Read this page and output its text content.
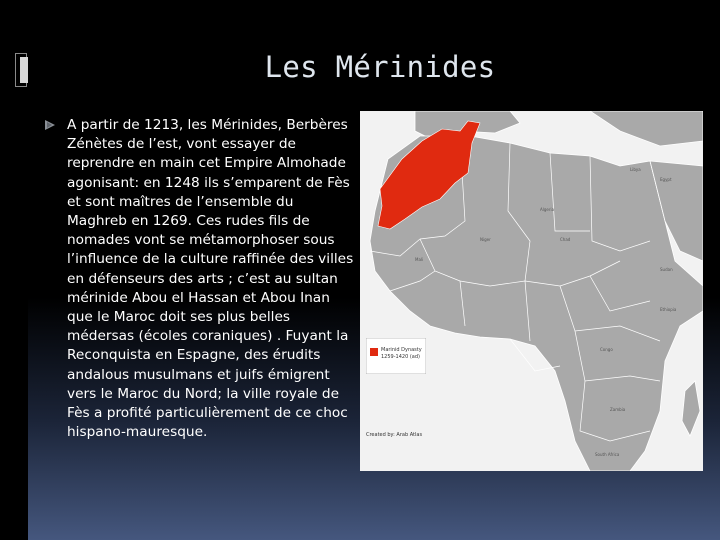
Les Mérinides
A partir de 1213, les Mérinides, Berbères Zénètes de l’est, vont essayer de reprendre en main cet Empire Almohade agonisant: en 1248 ils s’emparent de Fès et sont maîtres de l’ensemble du Maghreb en 1269. Ces rudes fils de nomades vont se métamorphoser sous l’influence de la culture raffinée des villes en défenseurs des arts ; c’est au sultan mérinide Abou el Hassan et Abou Inan que le Maroc doit ses plus belles médersas (écoles coraniques) . Fuyant la Reconquista en Espagne, des érudits andalous musulmans et juifs émigrent vers le Maroc du Nord; la ville royale de Fès a profité particulièrement de ce choc hispano-mauresque.
Libya
Egypt
Chad
Niger
Mali
Sudan
Ethiopia
Congo
Zambia
South Africa
Algeria
Marinid Dynasty
1259-1420 (ad)
Created by: Arab Atlas
